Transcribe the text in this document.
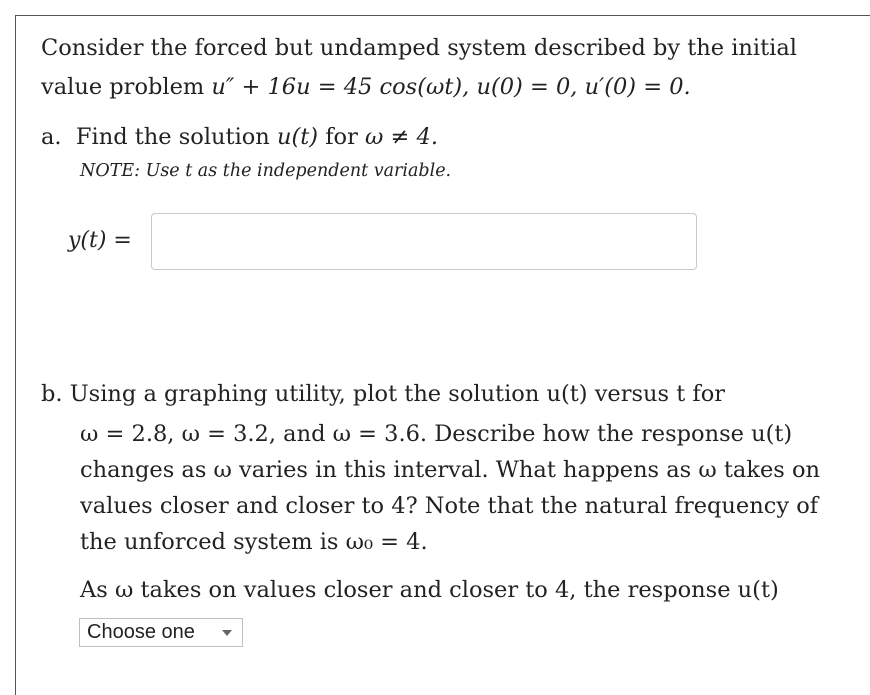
Consider the forced but undamped system described by the initial
value problem u″ + 16u = 45 cos(ωt), u(0) = 0, u′(0) = 0.
a. Find the solution u(t) for ω ≠ 4.
NOTE: Use t as the independent variable.
y(t) =
b. Using a graphing utility, plot the solution u(t) versus t for
ω = 2.8, ω = 3.2, and ω = 3.6. Describe how the response u(t)
changes as ω varies in this interval. What happens as ω takes on
values closer and closer to 4? Note that the natural frequency of
the unforced system is ω₀ = 4.
As ω takes on values closer and closer to 4, the response u(t)
Choose one
